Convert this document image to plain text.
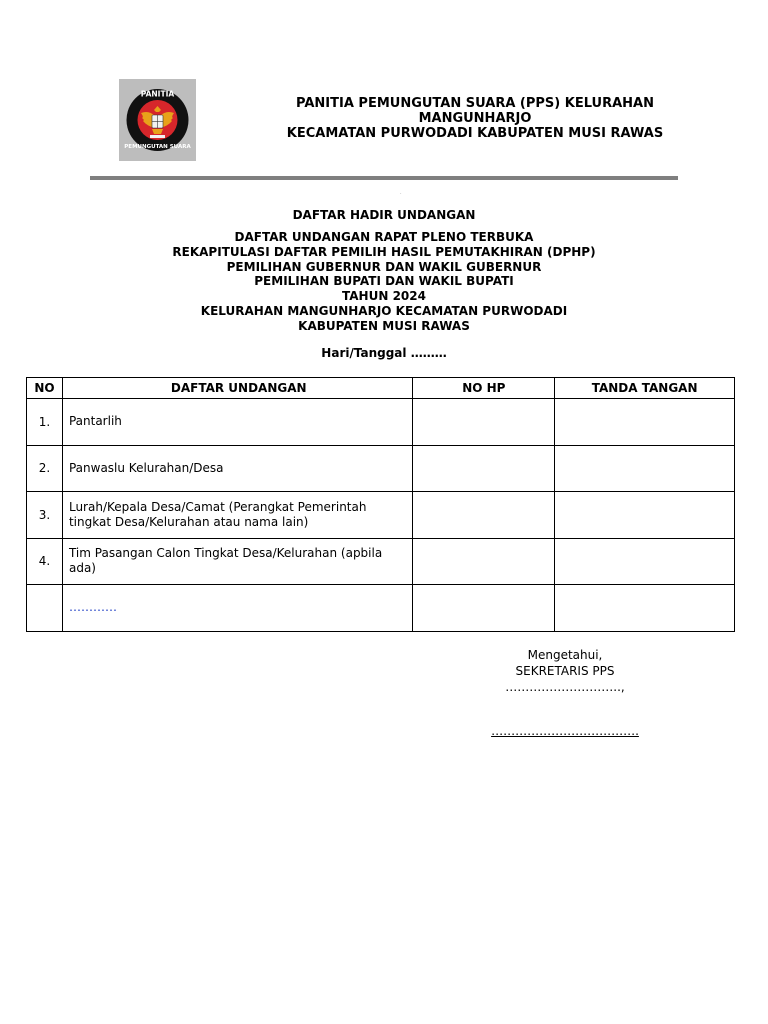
PANITIA
PEMUNGUTAN SUARA
PANITIA PEMUNGUTAN SUARA (PPS) KELURAHAN
MANGUNHARJO
KECAMATAN PURWODADI KABUPATEN MUSI RAWAS
.
DAFTAR HADIR UNDANGAN
DAFTAR UNDANGAN RAPAT PLENO TERBUKA
REKAPITULASI DAFTAR PEMILIH HASIL PEMUTAKHIRAN (DPHP)
PEMILIHAN GUBERNUR DAN WAKIL GUBERNUR
PEMILIHAN BUPATI DAN WAKIL BUPATI
TAHUN 2024
KELURAHAN MANGUNHARJO KECAMATAN PURWODADI
KABUPATEN MUSI RAWAS
Hari/Tanggal ………
NO	DAFTAR UNDANGAN	NO HP	TANDA TANGAN
1.	Pantarlih		
2.	Panwaslu Kelurahan/Desa		
3.	Lurah/Kepala Desa/Camat (Perangkat Pemerintah tingkat Desa/Kelurahan atau nama lain)		
4.	Tim Pasangan Calon Tingkat Desa/Kelurahan (apbila ada)		
	…………		
Mengetahui,
SEKRETARIS PPS
………………………..,
……………………………….
